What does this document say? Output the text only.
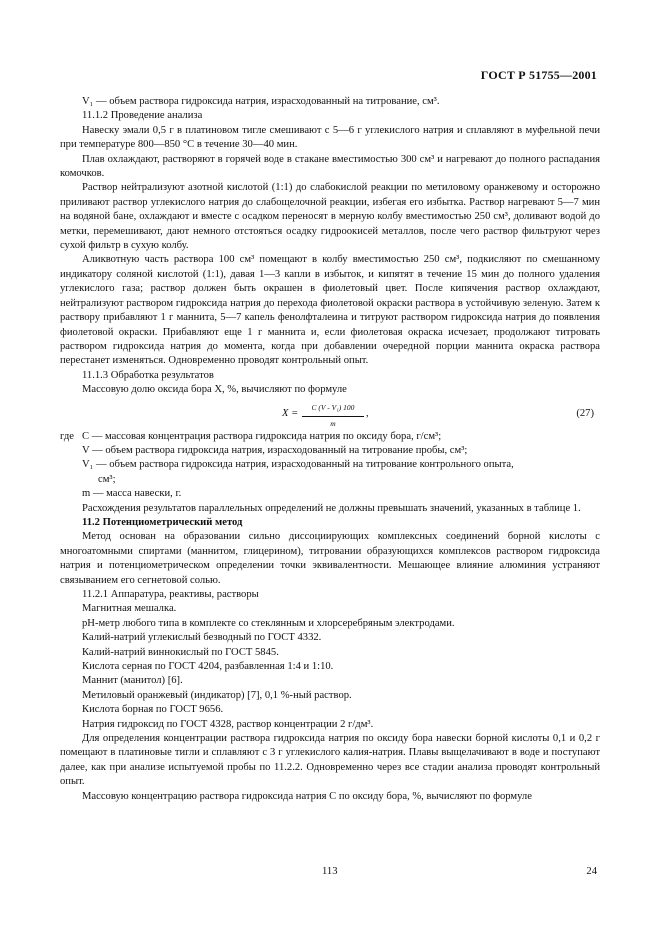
ГОСТ Р 51755—2001

V₁ — объем раствора гидроксида натрия, израсходованный на титрование, см³.

11.1.2 Проведение анализа

Навеску эмали 0,5 г в платиновом тигле смешивают с 5—6 г углекислого натрия и сплавляют в муфельной печи при температуре 800—850 °С в течение 30—40 мин.

Плав охлаждают, растворяют в горячей воде в стакане вместимостью 300 см³ и нагревают до полного распадания комочков.

Раствор нейтрализуют азотной кислотой (1:1) до слабокислой реакции по метиловому оранжевому и осторожно приливают раствор углекислого натрия до слабощелочной реакции, избегая его избытка. Раствор нагревают 5—7 мин на водяной бане, охлаждают и вместе с осадком переносят в мерную колбу вместимостью 250 см³, доливают водой до метки, перемешивают, дают немного отстояться осадку гидроокисей металлов, после чего раствор фильтруют через сухой фильтр в сухую колбу.

Аликвотную часть раствора 100 см³ помещают в колбу вместимостью 250 см³, подкисляют по смешанному индикатору соляной кислотой (1:1), давая 1—3 капли в избыток, и кипятят в течение 15 мин до полного удаления углекислого газа; раствор должен быть окрашен в фиолетовый цвет. После кипячения раствор охлаждают, нейтрализуют раствором гидроксида натрия до перехода фиолетовой окраски раствора в устойчивую зеленую. Затем к раствору прибавляют 1 г маннита, 5—7 капель фенолфталеина и титруют раствором гидроксида натрия до появления фиолетовой окраски. Прибавляют еще 1 г маннита и, если фиолетовая окраска исчезает, продолжают титровать раствором гидроксида натрия до момента, когда при добавлении очередной порции маннита окраска раствора перестанет изменяться. Одновременно проводят контрольный опыт.

11.1.3 Обработка результатов

Массовую долю оксида бора X, %, вычисляют по формуле

$X = \frac{\text{C (V - V₁) 100}}{m}$ ,	(27)
где C — массовая концентрация раствора гидроксида натрия по оксиду бора, г/см³;

V — объем раствора гидроксида натрия, израсходованный на титрование пробы, см³;

V₁ — объем раствора гидроксида натрия, израсходованный на титрование контрольного опыта,

см³;

m — масса навески, г.

Расхождения результатов параллельных определений не должны превышать значений, указанных в таблице 1.

11.2 Потенциометрический метод

Метод основан на образовании сильно диссоциирующих комплексных соединений борной кислоты с многоатомными спиртами (маннитом, глицерином), титровании образующихся комплексов раствором гидроксида натрия и потенциометрическом определении точки эквивалентности. Мешающее влияние алюминия устраняют связыванием его сегнетовой солью.

11.2.1 Аппаратура, реактивы, растворы

Магнитная мешалка.

pH-метр любого типа в комплекте со стеклянным и хлорсеребряным электродами.

Калий-натрий углекислый безводный по ГОСТ 4332.

Калий-натрий виннокислый по ГОСТ 5845.

Кислота серная по ГОСТ 4204, разбавленная 1:4 и 1:10.

Маннит (манитол) [6].

Метиловый оранжевый (индикатор) [7], 0,1 %-ный раствор.

Кислота борная по ГОСТ 9656.

Натрия гидроксид по ГОСТ 4328, раствор концентрации 2 г/дм³.

Для определения концентрации раствора гидроксида натрия по оксиду бора навески борной кислоты 0,1 и 0,2 г помещают в платиновые тигли и сплавляют с 3 г углекислого калия-натрия. Плавы выщелачивают в воде и поступают далее, как при анализе испытуемой пробы по 11.2.2. Одновременно через все стадии анализа проводят контрольный опыт.

Массовую концентрацию раствора гидроксида натрия C по оксиду бора, %, вычисляют по формуле

113	24
